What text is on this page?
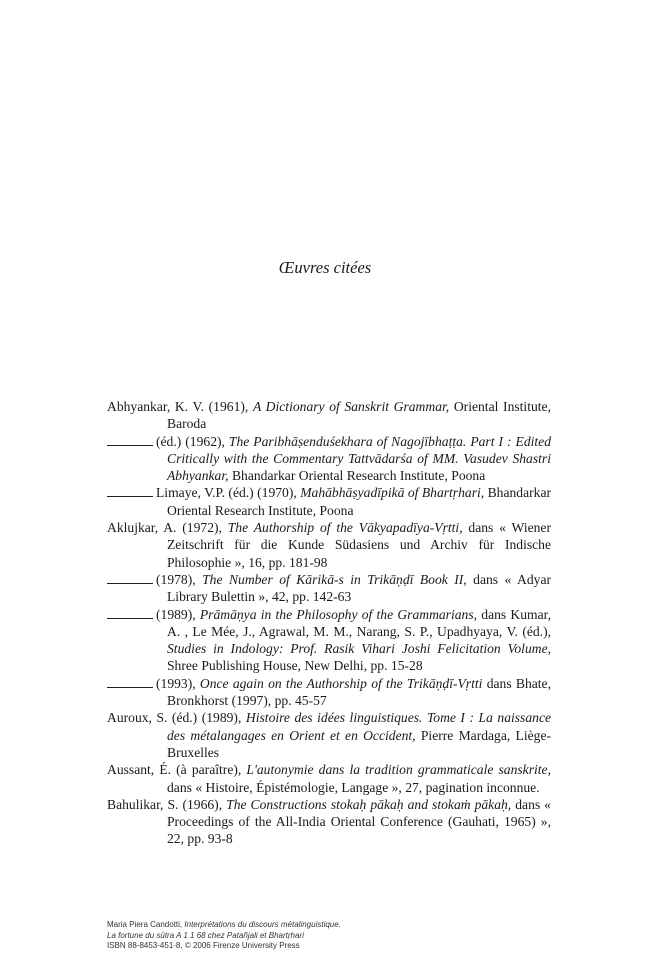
Œuvres citées
Abhyankar, K. V. (1961), A Dictionary of Sanskrit Grammar, Oriental Institute, Baroda
(éd.) (1962), The Paribhāṣenduśekhara of Nagojībhaṭṭa. Part I : Edited Critically with the Commentary Tattvādarśa of MM. Vasudev Shastri Abhyankar, Bhandarkar Oriental Research Institute, Poona
Limaye, V.P. (éd.) (1970), Mahābhāṣyadīpikā of Bhartṛhari, Bhandarkar Oriental Research Institute, Poona
Aklujkar, A. (1972), The Authorship of the Vākyapadīya-Vṛtti, dans « Wiener Zeitschrift für die Kunde Südasiens und Archiv für Indische Philosophie », 16, pp. 181-98
(1978), The Number of Kārikā-s in Trikāṇḍī Book II, dans « Adyar Library Bulettin », 42, pp. 142-63
(1989), Prāmāṇya in the Philosophy of the Grammarians, dans Kumar, A. , Le Mée, J., Agrawal, M. M., Narang, S. P., Upadhyaya, V. (éd.), Studies in Indology: Prof. Rasik Vihari Joshi Felicitation Volume, Shree Publishing House, New Delhi, pp. 15-28
(1993), Once again on the Authorship of the Trikāṇḍī-Vṛtti dans Bhate, Bronkhorst (1997), pp. 45-57
Auroux, S. (éd.) (1989), Histoire des idées linguistiques. Tome I : La naissance des métalangages en Orient et en Occident, Pierre Mardaga, Liège-Bruxelles
Aussant, É. (à paraître), L'autonymie dans la tradition grammaticale sanskrite, dans « Histoire, Épistémologie, Langage », 27, pagination inconnue.
Bahulikar, S. (1966), The Constructions stokaḥ pākaḥ and stokaṁ pākaḥ, dans « Proceedings of the All-India Oriental Conference (Gauhati, 1965) », 22, pp. 93-8
Maria Piera Candotti, Interprétations du discours métalinguistique.
La fortune du sūtra A 1 1 68 chez Patañjali et Bhartṛhari
ISBN 88-8453-451-8, © 2006 Firenze University Press
